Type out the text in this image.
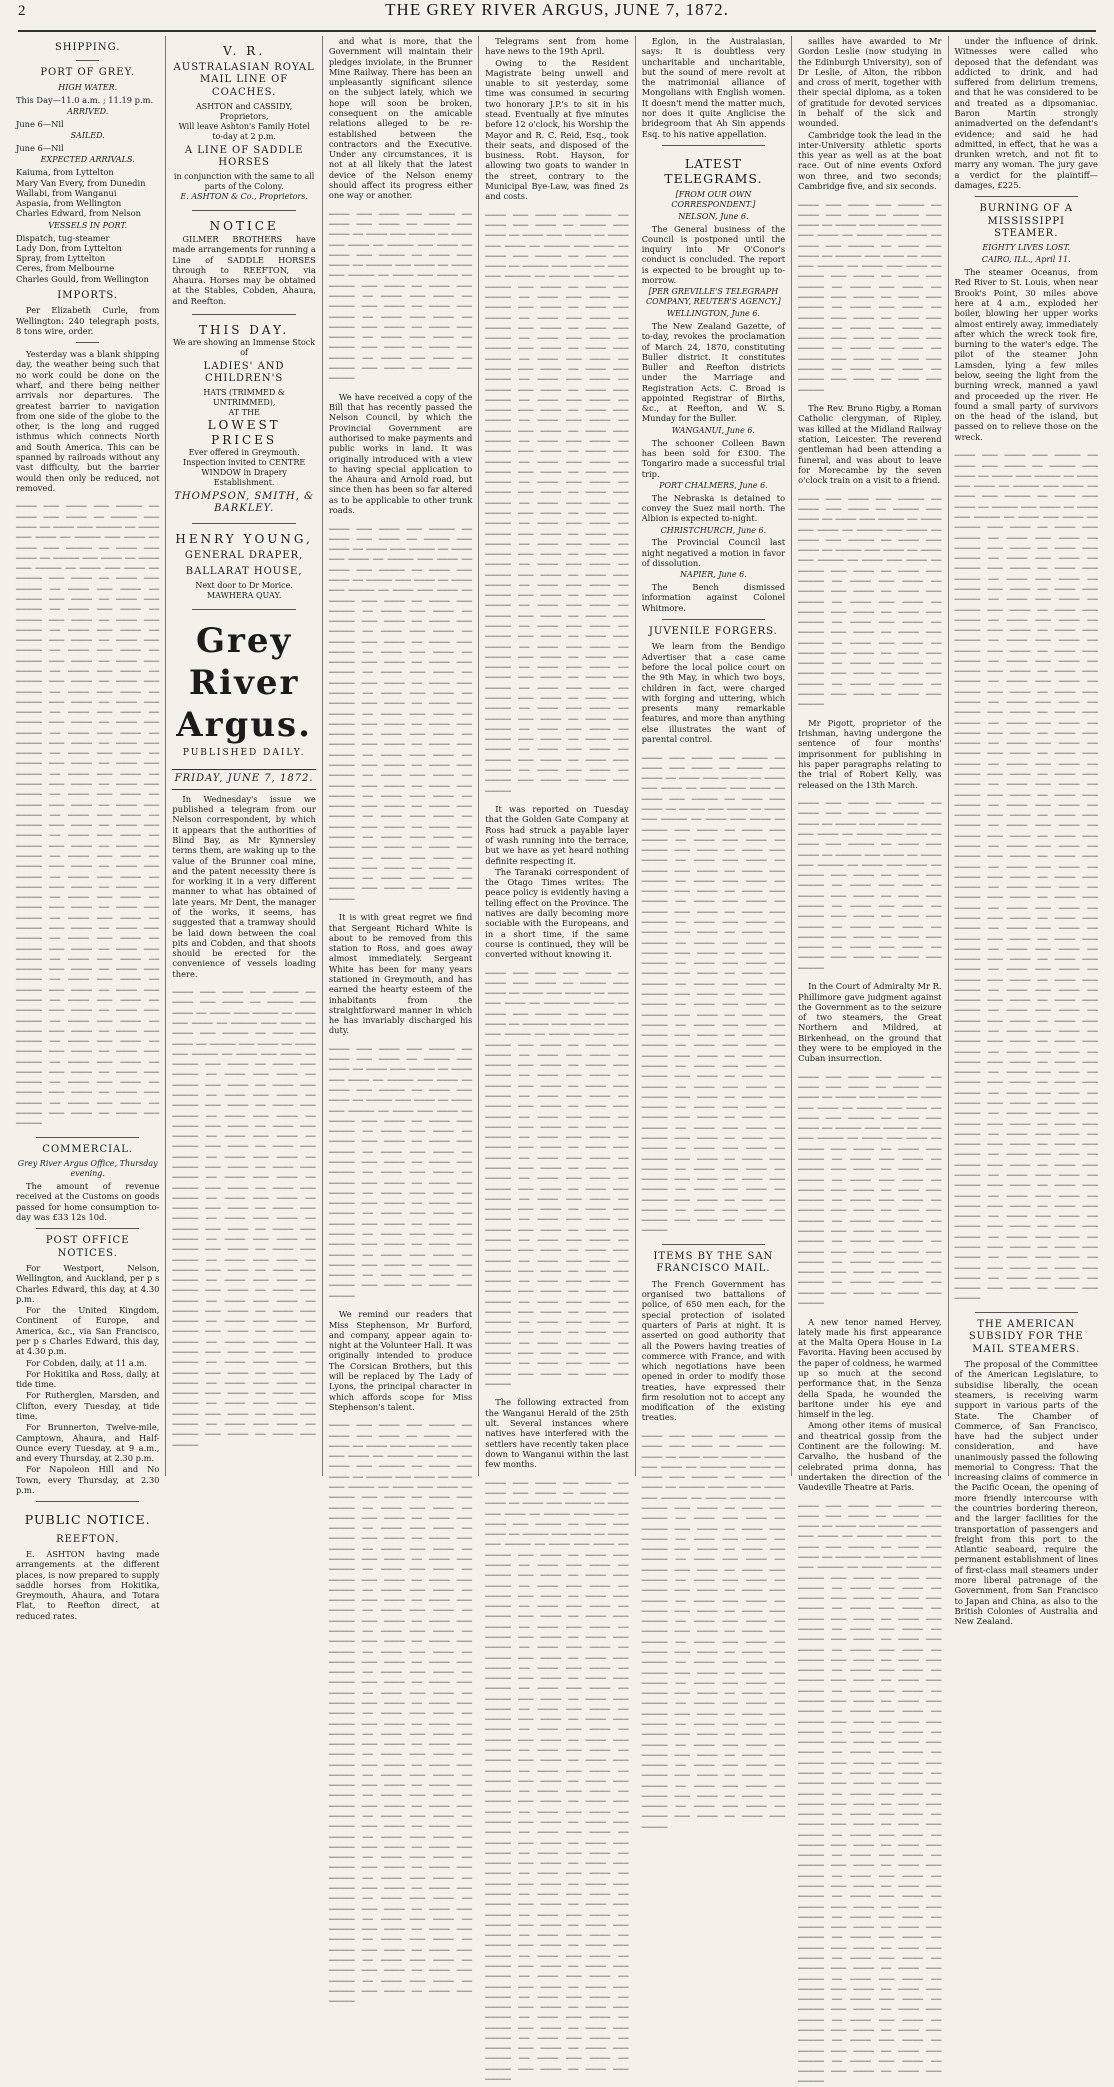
2	THE GREY RIVER ARGUS, JUNE 7, 1872.
SHIPPING.
PORT OF GREY.
HIGH WATER.
This Day—11.0 a.m. ; 11.19 p.m.
ARRIVED.
June 6—Nil
SAILED.
June 6—Nil
EXPECTED ARRIVALS.
Kaiuma, from Lyttelton
Mary Van Every, from Dunedin
Wallabi, from Wanganui
Aspasia, from Wellington
Charles Edward, from Nelson
VESSELS IN PORT.
Dispatch, tug-steamer
Lady Don, from Lyttelton
Spray, from Lyttelton
Ceres, from Melbourne
Charles Gould, from Wellington
IMPORTS.

Per Elizabeth Curle, from Wellington: 240 telegraph posts, 8 tons wire, order.

Yesterday was a blank shipping day, the weather being such that no work could be done on the wharf, and there being neither arrivals nor departures. The greatest barrier to navigation from one side of the globe to the other, is the long and rugged isthmus which connects North and South America. This can be spanned by railroads without any vast difficulty, but the barrier would then only be reduced, not removed.

──── ─── ──── ─── ───── ── ──── ─── ──── ── ───── ─── ──── ── ──── ─── ───── ── ──── ─── ──── ── ───── ─── ──── ── ──── ─── ───── ── ──── ─── ──── ── ───── ─── ──── ── ──── ─── ───── ── ──── ─── ──── ── ───── ─── ──── ── ──── ─── ───── ── ──── ─── ──── ── ───── ─── ──── ── ──── ─── ───── ── ──── ─── ──── ── ───── ─── ──── ── ──── ─── ───── ── ──── ─── ──── ── ───── ─── ──── ── ──── ─── ───── ── ──── ─── ──── ── ───── ─── ──── ── ──── ─── ───── ── ──── ─── ──── ── ───── ─── ──── ── ──── ─── ───── ── ──── ─── ──── ── ───── ─── ──── ── ──── ─── ───── ── ──── ─── ──── ── ───── ─── ──── ── ──── ─── ───── ── ──── ─── ──── ── ───── ─── ──── ── ──── ─── ───── ── ──── ─── ──── ── ───── ─── ──── ── ──── ─── ───── ── ──── ─── ──── ── ───── ─── ──── ── ──── ─── ───── ── ──── ─── ──── ── ───── ─── ──── ── ──── ─── ───── ── ──── ─── ──── ── ───── ─── ──── ── ──── ─── ───── ── ──── ─── ──── ── ───── ─── ──── ── ──── ─── ───── ── ──── ─── ──── ── ───── ─── ──── ── ──── ─── ───── ── ──── ─── ──── ── ───── ─── ──── ── ──── ─── ───── ── ──── ─── ──── ── ───── ─── ──── ── ──── ─── ───── ── ──── ─── ──── ── ───── ─── ──── ── ──── ─── ───── ── ──── ─── ──── ── ───── ─── ──── ── ──── ─── ───── ── ──── ─── ──── ── ───── ─── ──── ── ──── ─── ───── ── ──── ─── ──── ── ───── ─── ──── ── ──── ─── ───── ── ──── ─── ──── ── ───── ─── ──── ── ──── ─── ───── ── ──── ─── ──── ── ───── ─── ──── ── ──── ─── ───── ── ──── ─── ──── ── ───── ─── ──── ── ──── ─── ───── ── ──── ─── ──── ── ───── ─── ──── ── ──── ─── ───── ── ──── ─── ──── ── ───── ─── ──── ── ──── ─── ───── ── ──── ─── ──── ── ───── ─── ──── ── ──── ─── ─────

COMMERCIAL.
Grey River Argus Office, Thursday evening.

The amount of revenue received at the Customs on goods passed for home consumption to-day was £33 12s 10d.

POST OFFICE NOTICES.

For Westport, Nelson, Wellington, and Auckland, per p s Charles Edward, this day, at 4.30 p.m.

For the United Kingdom, Continent of Europe, and America, &c., via San Francisco, per p s Charles Edward, this day, at 4.30 p.m.

For Cobden, daily, at 11 a.m.

For Hokitika and Ross, daily, at tide time.

For Rutherglen, Marsden, and Clifton, every Tuesday, at tide time.

For Brunnerton, Twelve-mile, Camptown, Ahaura, and Half-Ounce every Tuesday, at 9 a.m., and every Thursday, at 2.30 p.m.

For Napoleon Hill and No Town, every Thursday, at 2.30 p.m.

PUBLIC NOTICE.
REEFTON.

E. ASHTON having made arrangements at the different places, is now prepared to supply saddle horses from Hokitika, Greymouth, Ahaura, and Totara Flat, to Reefton direct, at reduced rates.

V. R.
AUSTRALASIAN ROYAL MAIL LINE OF COACHES.
ASHTON and CASSIDY, Proprietors,
Will leave Ashton's Family Hotel to-day at 2 p.m.
A LINE OF SADDLE HORSES
in conjunction with the same to all parts of the Colony.
E. ASHTON & Co., Proprietors.
NOTICE

GILMER BROTHERS have made arrangements for running a Line of SADDLE HORSES through to REEFTON, via Ahaura. Horses may be obtained at the Stables, Cobden, Ahaura, and Reefton.

THIS DAY.
We are showing an Immense Stock of
LADIES' AND CHILDREN'S
HATS (TRIMMED & UNTRIMMED),
AT THE
LOWEST PRICES
Ever offered in Greymouth.
Inspection invited to CENTRE WINDOW in Drapery Establishment.
THOMPSON, SMITH, & BARKLEY.
HENRY YOUNG,
GENERAL DRAPER,
BALLARAT HOUSE,
Next door to Dr Morice.
MAWHERA QUAY.
Grey River Argus.
PUBLISHED DAILY.
FRIDAY, JUNE 7, 1872.

In Wednesday's issue we published a telegram from our Nelson correspondent, by which it appears that the authorities of Blind Bay, as Mr Kynnersley terms them, are waking up to the value of the Brunner coal mine, and the patent necessity there is for working it in a very different manner to what has obtained of late years. Mr Dent, the manager of the works, it seems, has suggested that a tramway should be laid down between the coal pits and Cobden, and that shoots should be erected for the convenience of vessels loading there.

──── ─── ──── ─── ───── ── ──── ─── ──── ── ───── ─── ──── ── ──── ─── ───── ── ──── ─── ──── ── ───── ─── ──── ── ──── ─── ───── ── ──── ─── ──── ── ───── ─── ──── ── ──── ─── ───── ── ──── ─── ──── ── ───── ─── ──── ── ──── ─── ───── ── ──── ─── ──── ── ───── ─── ──── ── ──── ─── ───── ── ──── ─── ──── ── ───── ─── ──── ── ──── ─── ───── ── ──── ─── ──── ── ───── ─── ──── ── ──── ─── ───── ── ──── ─── ──── ── ───── ─── ──── ── ──── ─── ───── ── ──── ─── ──── ── ───── ─── ──── ── ──── ─── ───── ── ──── ─── ──── ── ───── ─── ──── ── ──── ─── ───── ── ──── ─── ──── ── ───── ─── ──── ── ──── ─── ───── ── ──── ─── ──── ── ───── ─── ──── ── ──── ─── ───── ── ──── ─── ──── ── ───── ─── ──── ── ──── ─── ───── ── ──── ─── ──── ── ───── ─── ──── ── ──── ─── ───── ── ──── ─── ──── ── ───── ─── ──── ── ──── ─── ───── ── ──── ─── ──── ── ───── ─── ──── ── ──── ─── ───── ── ──── ─── ──── ── ───── ─── ──── ── ──── ─── ───── ── ──── ─── ──── ── ───── ─── ──── ── ──── ─── ───── ── ──── ─── ──── ── ───── ─── ──── ── ──── ─── ───── ── ──── ─── ──── ── ───── ─── ──── ── ──── ─── ───── ── ──── ─── ──── ── ───── ─── ──── ── ──── ─── ───── ── ──── ─── ──── ── ───── ─── ──── ── ──── ─── ─────

and what is more, that the Government will maintain their pledges inviolate, in the Brunner Mine Railway. There has been an unpleasantly significant silence on the subject lately, which we hope will soon be broken, consequent on the amicable relations alleged to be re-established between the contractors and the Executive. Under any circumstances, it is not at all likely that the latest device of the Nelson enemy should affect its progress either one way or another.

──── ─── ──── ─── ───── ── ──── ─── ──── ── ───── ─── ──── ── ──── ─── ───── ── ──── ─── ──── ── ───── ─── ──── ── ──── ─── ───── ── ──── ─── ──── ── ───── ─── ──── ── ──── ─── ───── ── ──── ─── ──── ── ───── ─── ──── ── ──── ─── ───── ── ──── ─── ──── ── ───── ─── ──── ── ──── ─── ───── ── ──── ─── ──── ── ───── ─── ──── ── ──── ─── ───── ── ──── ─── ──── ── ───── ─── ──── ── ──── ─── ───── ── ──── ─── ──── ── ───── ─── ──── ── ──── ─── ─────

We have received a copy of the Bill that has recently passed the Nelson Council, by which the Provincial Government are authorised to make payments and public works in land. It was originally introduced with a view to having special application to the Ahaura and Arnold road, but since then has been so far altered as to be applicable to other trunk roads.

──── ─── ──── ─── ───── ── ──── ─── ──── ── ───── ─── ──── ── ──── ─── ───── ── ──── ─── ──── ── ───── ─── ──── ── ──── ─── ───── ── ──── ─── ──── ── ───── ─── ──── ── ──── ─── ───── ── ──── ─── ──── ── ───── ─── ──── ── ──── ─── ───── ── ──── ─── ──── ── ───── ─── ──── ── ──── ─── ───── ── ──── ─── ──── ── ───── ─── ──── ── ──── ─── ───── ── ──── ─── ──── ── ───── ─── ──── ── ──── ─── ───── ── ──── ─── ──── ── ───── ─── ──── ── ──── ─── ───── ── ──── ─── ──── ── ───── ─── ──── ── ──── ─── ───── ── ──── ─── ──── ── ───── ─── ──── ── ──── ─── ───── ── ──── ─── ──── ── ───── ─── ──── ── ──── ─── ───── ── ──── ─── ──── ── ───── ─── ──── ── ──── ─── ───── ── ──── ─── ──── ── ───── ─── ──── ── ──── ─── ───── ── ──── ─── ──── ── ───── ─── ──── ── ──── ─── ───── ── ──── ─── ──── ── ───── ─── ──── ── ──── ─── ───── ── ──── ─── ──── ── ───── ─── ──── ── ──── ─── ───── ── ──── ─── ──── ── ───── ─── ──── ── ──── ─── ───── ── ──── ─── ──── ── ───── ─── ──── ── ──── ─── ─────

It is with great regret we find that Sergeant Richard White is about to be removed from this station to Ross, and goes away almost immediately. Sergeant White has been for many years stationed in Greymouth, and has earned the hearty esteem of the inhabitants from the straightforward manner in which he has invariably discharged his duty.

──── ─── ──── ─── ───── ── ──── ─── ──── ── ───── ─── ──── ── ──── ─── ───── ── ──── ─── ──── ── ───── ─── ──── ── ──── ─── ───── ── ──── ─── ──── ── ───── ─── ──── ── ──── ─── ───── ── ──── ─── ──── ── ───── ─── ──── ── ──── ─── ───── ── ──── ─── ──── ── ───── ─── ──── ── ──── ─── ───── ── ──── ─── ──── ── ───── ─── ──── ── ──── ─── ───── ── ──── ─── ──── ── ───── ─── ──── ── ──── ─── ───── ── ──── ─── ──── ── ───── ─── ──── ── ──── ─── ───── ── ──── ─── ──── ── ───── ─── ──── ── ──── ─── ───── ── ──── ─── ──── ── ───── ─── ──── ── ──── ─── ───── ── ──── ─── ──── ── ───── ─── ──── ── ──── ─── ───── ── ──── ─── ──── ── ───── ─── ──── ── ──── ─── ─────

We remind our readers that Miss Stephenson, Mr Burford, and company, appear again to-night at the Volunteer Hall. It was originally intended to produce The Corsican Brothers, but this will be replaced by The Lady of Lyons, the principal character in which affords scope for Miss Stephenson's talent.

──── ─── ──── ─── ───── ── ──── ─── ──── ── ───── ─── ──── ── ──── ─── ───── ── ──── ─── ──── ── ───── ─── ──── ── ──── ─── ───── ── ──── ─── ──── ── ───── ─── ──── ── ──── ─── ───── ── ──── ─── ──── ── ───── ─── ──── ── ──── ─── ───── ── ──── ─── ──── ── ───── ─── ──── ── ──── ─── ───── ── ──── ─── ──── ── ───── ─── ──── ── ──── ─── ───── ── ──── ─── ──── ── ───── ─── ──── ── ──── ─── ───── ── ──── ─── ──── ── ───── ─── ──── ── ──── ─── ───── ── ──── ─── ──── ── ───── ─── ──── ── ──── ─── ───── ── ──── ─── ──── ── ───── ─── ──── ── ──── ─── ───── ── ──── ─── ──── ── ───── ─── ──── ── ──── ─── ───── ── ──── ─── ──── ── ───── ─── ──── ── ──── ─── ───── ── ──── ─── ──── ── ───── ─── ──── ── ──── ─── ───── ── ──── ─── ──── ── ───── ─── ──── ── ──── ─── ───── ── ──── ─── ──── ── ───── ─── ──── ── ──── ─── ───── ── ──── ─── ──── ── ───── ─── ──── ── ──── ─── ───── ── ──── ─── ──── ── ───── ─── ──── ── ──── ─── ───── ── ──── ─── ──── ── ───── ─── ──── ── ──── ─── ───── ── ──── ─── ──── ── ───── ─── ──── ── ──── ─── ───── ── ──── ─── ──── ── ───── ─── ──── ── ──── ─── ───── ── ──── ─── ──── ── ───── ─── ──── ── ──── ─── ───── ── ──── ─── ──── ── ───── ─── ──── ── ──── ─── ───── ── ──── ─── ──── ── ───── ─── ──── ── ──── ─── ───── ── ──── ─── ──── ── ───── ─── ──── ── ──── ─── ───── ── ──── ─── ──── ── ───── ─── ──── ── ──── ─── ───── ── ──── ─── ──── ── ───── ─── ──── ── ──── ─── ───── ── ──── ─── ──── ── ───── ─── ──── ── ──── ─── ───── ── ──── ─── ──── ── ───── ─── ──── ── ──── ─── ─────

Telegrams sent from home have news to the 19th April.

Owing to the Resident Magistrate being unwell and unable to sit yesterday, some time was consumed in securing two honorary J.P.'s to sit in his stead. Eventually at five minutes before 12 o'clock, his Worship the Mayor and R. C. Reid, Esq., took their seats, and disposed of the business. Robt. Hayson, for allowing two goats to wander in the street, contrary to the Municipal Bye-Law, was fined 2s and costs.

──── ─── ──── ─── ───── ── ──── ─── ──── ── ───── ─── ──── ── ──── ─── ───── ── ──── ─── ──── ── ───── ─── ──── ── ──── ─── ───── ── ──── ─── ──── ── ───── ─── ──── ── ──── ─── ───── ── ──── ─── ──── ── ───── ─── ──── ── ──── ─── ───── ── ──── ─── ──── ── ───── ─── ──── ── ──── ─── ───── ── ──── ─── ──── ── ───── ─── ──── ── ──── ─── ───── ── ──── ─── ──── ── ───── ─── ──── ── ──── ─── ───── ── ──── ─── ──── ── ───── ─── ──── ── ──── ─── ───── ── ──── ─── ──── ── ───── ─── ──── ── ──── ─── ───── ── ──── ─── ──── ── ───── ─── ──── ── ──── ─── ───── ── ──── ─── ──── ── ───── ─── ──── ── ──── ─── ───── ── ──── ─── ──── ── ───── ─── ──── ── ──── ─── ───── ── ──── ─── ──── ── ───── ─── ──── ── ──── ─── ───── ── ──── ─── ──── ── ───── ─── ──── ── ──── ─── ───── ── ──── ─── ──── ── ───── ─── ──── ── ──── ─── ───── ── ──── ─── ──── ── ───── ─── ──── ── ──── ─── ───── ── ──── ─── ──── ── ───── ─── ──── ── ──── ─── ───── ── ──── ─── ──── ── ───── ─── ──── ── ──── ─── ───── ── ──── ─── ──── ── ───── ─── ──── ── ──── ─── ───── ── ──── ─── ──── ── ───── ─── ──── ── ──── ─── ───── ── ──── ─── ──── ── ───── ─── ──── ── ──── ─── ───── ── ──── ─── ──── ── ───── ─── ──── ── ──── ─── ───── ── ──── ─── ──── ── ───── ─── ──── ── ──── ─── ───── ── ──── ─── ──── ── ───── ─── ──── ── ──── ─── ───── ── ──── ─── ──── ── ───── ─── ──── ── ──── ─── ───── ── ──── ─── ──── ── ───── ─── ──── ── ──── ─── ───── ── ──── ─── ──── ── ───── ─── ──── ── ──── ─── ───── ── ──── ─── ──── ── ───── ─── ──── ── ──── ─── ─────

It was reported on Tuesday that the Golden Gate Company at Ross had struck a payable layer of wash running into the terrace, but we have as yet heard nothing definite respecting it.

The Taranaki correspondent of the Otago Times writes: The peace policy is evidently having a telling effect on the Province. The natives are daily becoming more sociable with the Europeans, and in a short time, if the same course is continued, they will be converted without knowing it.

──── ─── ──── ─── ───── ── ──── ─── ──── ── ───── ─── ──── ── ──── ─── ───── ── ──── ─── ──── ── ───── ─── ──── ── ──── ─── ───── ── ──── ─── ──── ── ───── ─── ──── ── ──── ─── ───── ── ──── ─── ──── ── ───── ─── ──── ── ──── ─── ───── ── ──── ─── ──── ── ───── ─── ──── ── ──── ─── ───── ── ──── ─── ──── ── ───── ─── ──── ── ──── ─── ───── ── ──── ─── ──── ── ───── ─── ──── ── ──── ─── ───── ── ──── ─── ──── ── ───── ─── ──── ── ──── ─── ───── ── ──── ─── ──── ── ───── ─── ──── ── ──── ─── ───── ── ──── ─── ──── ── ───── ─── ──── ── ──── ─── ───── ── ──── ─── ──── ── ───── ─── ──── ── ──── ─── ───── ── ──── ─── ──── ── ───── ─── ──── ── ──── ─── ───── ── ──── ─── ──── ── ───── ─── ──── ── ──── ─── ───── ── ──── ─── ──── ── ───── ─── ──── ── ──── ─── ───── ── ──── ─── ──── ── ───── ─── ──── ── ──── ─── ───── ── ──── ─── ──── ── ───── ─── ──── ── ──── ─── ───── ── ──── ─── ──── ── ───── ─── ──── ── ──── ─── ───── ── ──── ─── ──── ── ───── ─── ──── ── ──── ─── ───── ── ──── ─── ──── ── ───── ─── ──── ── ──── ─── ───── ── ──── ─── ──── ── ───── ─── ──── ── ──── ─── ─────

The following extracted from the Wanganui Herald of the 25th ult. Several instances where natives have interfered with the settlers have recently taken place down to Wanganui within the last few months.

──── ─── ──── ─── ───── ── ──── ─── ──── ── ───── ─── ──── ── ──── ─── ───── ── ──── ─── ──── ── ───── ─── ──── ── ──── ─── ───── ── ──── ─── ──── ── ───── ─── ──── ── ──── ─── ───── ── ──── ─── ──── ── ───── ─── ──── ── ──── ─── ───── ── ──── ─── ──── ── ───── ─── ──── ── ──── ─── ───── ── ──── ─── ──── ── ───── ─── ──── ── ──── ─── ───── ── ──── ─── ──── ── ───── ─── ──── ── ──── ─── ───── ── ──── ─── ──── ── ───── ─── ──── ── ──── ─── ───── ── ──── ─── ──── ── ───── ─── ──── ── ──── ─── ───── ── ──── ─── ──── ── ───── ─── ──── ── ──── ─── ───── ── ──── ─── ──── ── ───── ─── ──── ── ──── ─── ───── ── ──── ─── ──── ── ───── ─── ──── ── ──── ─── ───── ── ──── ─── ──── ── ───── ─── ──── ── ──── ─── ───── ── ──── ─── ──── ── ───── ─── ──── ── ──── ─── ───── ── ──── ─── ──── ── ───── ─── ──── ── ──── ─── ───── ── ──── ─── ──── ── ───── ─── ──── ── ──── ─── ───── ── ──── ─── ──── ── ───── ─── ──── ── ──── ─── ───── ── ──── ─── ──── ── ───── ─── ──── ── ──── ─── ───── ── ──── ─── ──── ── ───── ─── ──── ── ──── ─── ───── ── ──── ─── ──── ── ───── ─── ──── ── ──── ─── ───── ── ──── ─── ──── ── ───── ─── ──── ── ──── ─── ───── ── ──── ─── ──── ── ───── ─── ──── ── ──── ─── ───── ── ──── ─── ──── ── ───── ─── ──── ── ──── ─── ───── ── ──── ─── ──── ── ───── ─── ──── ── ──── ─── ───── ── ──── ─── ──── ── ───── ─── ──── ── ──── ─── ───── ── ──── ─── ──── ── ───── ─── ──── ── ──── ─── ───── ── ──── ─── ──── ── ───── ─── ──── ── ──── ─── ───── ── ──── ─── ──── ── ───── ─── ──── ── ──── ─── ───── ── ──── ─── ──── ── ───── ─── ──── ── ──── ─── ─────

Eglon, in the Australasian, says: It is doubtless very uncharitable and uncharitable, but the sound of mere revolt at the matrimonial alliance of Mongolians with English women. It doesn't mend the matter much, nor does it quite Anglicise the bridegroom that Ah Sin appends Esq. to his native appellation.

LATEST TELEGRAMS.
[FROM OUR OWN CORRESPONDENT.]
NELSON, June 6.

The General business of the Council is postponed until the inquiry into Mr O'Conor's conduct is concluded. The report is expected to be brought up to-morrow.

[PER GREVILLE'S TELEGRAPH COMPANY, REUTER'S AGENCY.]
WELLINGTON, June 6.

The New Zealand Gazette, of to-day, revokes the proclamation of March 24, 1870, constituting Buller district. It constitutes Buller and Reefton districts under the Marriage and Registration Acts. C. Broad is appointed Registrar of Births, &c., at Reefton, and W. S. Munday for the Buller.

WANGANUI, June 6.

The schooner Colleen Bawn has been sold for £300. The Tongariro made a successful trial trip.

PORT CHALMERS, June 6.

The Nebraska is detained to convey the Suez mail north. The Albion is expected to-night.

CHRISTCHURCH, June 6.

The Provincial Council last night negatived a motion in favor of dissolution.

NAPIER, June 6.

The Bench dismissed information against Colonel Whitmore.

JUVENILE FORGERS.

We learn from the Bendigo Advertiser that a case came before the local police court on the 9th May, in which two boys, children in fact, were charged with forging and uttering, which presents many remarkable features, and more than anything else illustrates the want of parental control.

──── ─── ──── ─── ───── ── ──── ─── ──── ── ───── ─── ──── ── ──── ─── ───── ── ──── ─── ──── ── ───── ─── ──── ── ──── ─── ───── ── ──── ─── ──── ── ───── ─── ──── ── ──── ─── ───── ── ──── ─── ──── ── ───── ─── ──── ── ──── ─── ───── ── ──── ─── ──── ── ───── ─── ──── ── ──── ─── ───── ── ──── ─── ──── ── ───── ─── ──── ── ──── ─── ───── ── ──── ─── ──── ── ───── ─── ──── ── ──── ─── ───── ── ──── ─── ──── ── ───── ─── ──── ── ──── ─── ───── ── ──── ─── ──── ── ───── ─── ──── ── ──── ─── ───── ── ──── ─── ──── ── ───── ─── ──── ── ──── ─── ───── ── ──── ─── ──── ── ───── ─── ──── ── ──── ─── ───── ── ──── ─── ──── ── ───── ─── ──── ── ──── ─── ───── ── ──── ─── ──── ── ───── ─── ──── ── ──── ─── ───── ── ──── ─── ──── ── ───── ─── ──── ── ──── ─── ───── ── ──── ─── ──── ── ───── ─── ──── ── ──── ─── ───── ── ──── ─── ──── ── ───── ─── ──── ── ──── ─── ───── ── ──── ─── ──── ── ───── ─── ──── ── ──── ─── ───── ── ──── ─── ──── ── ───── ─── ──── ── ──── ─── ───── ── ──── ─── ──── ── ───── ─── ──── ── ──── ─── ───── ── ──── ─── ──── ── ───── ─── ──── ── ──── ─── ───── ── ──── ─── ──── ── ───── ─── ──── ── ──── ─── ───── ── ──── ─── ──── ── ───── ─── ──── ── ──── ─── ───── ── ──── ─── ──── ── ───── ─── ──── ── ──── ─── ─────

ITEMS BY THE SAN FRANCISCO MAIL.

The French Government has organised two battalions of police, of 650 men each, for the special protection of isolated quarters of Paris at night. It is asserted on good authority that all the Powers having treaties of commerce with France, and with which negotiations have been opened in order to modify those treaties, have expressed their firm resolution not to accept any modification of the existing treaties.

──── ─── ──── ─── ───── ── ──── ─── ──── ── ───── ─── ──── ── ──── ─── ───── ── ──── ─── ──── ── ───── ─── ──── ── ──── ─── ───── ── ──── ─── ──── ── ───── ─── ──── ── ──── ─── ───── ── ──── ─── ──── ── ───── ─── ──── ── ──── ─── ───── ── ──── ─── ──── ── ───── ─── ──── ── ──── ─── ───── ── ──── ─── ──── ── ───── ─── ──── ── ──── ─── ───── ── ──── ─── ──── ── ───── ─── ──── ── ──── ─── ───── ── ──── ─── ──── ── ───── ─── ──── ── ──── ─── ───── ── ──── ─── ──── ── ───── ─── ──── ── ──── ─── ───── ── ──── ─── ──── ── ───── ─── ──── ── ──── ─── ───── ── ──── ─── ──── ── ───── ─── ──── ── ──── ─── ───── ── ──── ─── ──── ── ───── ─── ──── ── ──── ─── ───── ── ──── ─── ──── ── ───── ─── ──── ── ──── ─── ───── ── ──── ─── ──── ── ───── ─── ──── ── ──── ─── ───── ── ──── ─── ──── ── ───── ─── ──── ── ──── ─── ───── ── ──── ─── ──── ── ───── ─── ──── ── ──── ─── ───── ── ──── ─── ──── ── ───── ─── ──── ── ──── ─── ───── ── ──── ─── ──── ── ───── ─── ──── ── ──── ─── ───── ── ──── ─── ──── ── ───── ─── ──── ── ──── ─── ─────

sailles have awarded to Mr Gordon Leslie (now studying in the Edinburgh University), son of Dr Leslie, of Alton, the ribbon and cross of merit, together with their special diploma, as a token of gratitude for devoted services in behalf of the sick and wounded.

Cambridge took the lead in the inter-University athletic sports this year as well as at the boat race. Out of nine events Oxford won three, and two seconds; Cambridge five, and six seconds.

──── ─── ──── ─── ───── ── ──── ─── ──── ── ───── ─── ──── ── ──── ─── ───── ── ──── ─── ──── ── ───── ─── ──── ── ──── ─── ───── ── ──── ─── ──── ── ───── ─── ──── ── ──── ─── ───── ── ──── ─── ──── ── ───── ─── ──── ── ──── ─── ───── ── ──── ─── ──── ── ───── ─── ──── ── ──── ─── ───── ── ──── ─── ──── ── ───── ─── ──── ── ──── ─── ───── ── ──── ─── ──── ── ───── ─── ──── ── ──── ─── ───── ── ──── ─── ──── ── ───── ─── ──── ── ──── ─── ───── ── ──── ─── ──── ── ───── ─── ──── ── ──── ─── ─────

The Rev. Bruno Rigby, a Roman Catholic clergyman, of Ripley, was killed at the Midland Railway station, Leicester. The reverend gentleman had been attending a funeral, and was about to leave for Morecambe by the seven o'clock train on a visit to a friend.

──── ─── ──── ─── ───── ── ──── ─── ──── ── ───── ─── ──── ── ──── ─── ───── ── ──── ─── ──── ── ───── ─── ──── ── ──── ─── ───── ── ──── ─── ──── ── ───── ─── ──── ── ──── ─── ───── ── ──── ─── ──── ── ───── ─── ──── ── ──── ─── ───── ── ──── ─── ──── ── ───── ─── ──── ── ──── ─── ───── ── ──── ─── ──── ── ───── ─── ──── ── ──── ─── ───── ── ──── ─── ──── ── ───── ─── ──── ── ──── ─── ───── ── ──── ─── ──── ── ───── ─── ──── ── ──── ─── ───── ── ──── ─── ──── ── ───── ─── ──── ── ──── ─── ───── ── ──── ─── ──── ── ───── ─── ──── ── ──── ─── ─────

Mr Pigott, proprietor of the Irishman, having undergone the sentence of four months' imprisonment for publishing in his paper paragraphs relating to the trial of Robert Kelly, was released on the 13th March.

──── ─── ──── ─── ───── ── ──── ─── ──── ── ───── ─── ──── ── ──── ─── ───── ── ──── ─── ──── ── ───── ─── ──── ── ──── ─── ───── ── ──── ─── ──── ── ───── ─── ──── ── ──── ─── ───── ── ──── ─── ──── ── ───── ─── ──── ── ──── ─── ───── ── ──── ─── ──── ── ───── ─── ──── ── ──── ─── ───── ── ──── ─── ──── ── ───── ─── ──── ── ──── ─── ───── ── ──── ─── ──── ── ───── ─── ──── ── ──── ─── ───── ── ──── ─── ──── ── ───── ─── ──── ── ──── ─── ─────

In the Court of Admiralty Mr R. Phillimore gave judgment against the Government as to the seizure of two steamers, the Great Northern and Mildred, at Birkenhead, on the ground that they were to be employed in the Cuban insurrection.

──── ─── ──── ─── ───── ── ──── ─── ──── ── ───── ─── ──── ── ──── ─── ───── ── ──── ─── ──── ── ───── ─── ──── ── ──── ─── ───── ── ──── ─── ──── ── ───── ─── ──── ── ──── ─── ───── ── ──── ─── ──── ── ───── ─── ──── ── ──── ─── ───── ── ──── ─── ──── ── ───── ─── ──── ── ──── ─── ───── ── ──── ─── ──── ── ───── ─── ──── ── ──── ─── ───── ── ──── ─── ──── ── ───── ─── ──── ── ──── ─── ───── ── ──── ─── ──── ── ───── ─── ──── ── ──── ─── ───── ── ──── ─── ──── ── ───── ─── ──── ── ──── ─── ───── ── ──── ─── ──── ── ───── ─── ──── ── ──── ─── ───── ── ──── ─── ──── ── ───── ─── ──── ── ──── ─── ─────

A new tenor named Hervey, lately made his first appearance at the Malta Opera House in La Favorita. Having been accused by the paper of coldness, he warmed up so much at the second performance that, in the Senza della Spada, he wounded the baritone under his eye and himself in the leg.

Among other items of musical and theatrical gossip from the Continent are the following: M. Carvalho, the husband of the celebrated prima donna, has undertaken the direction of the Vaudeville Theatre at Paris.

──── ─── ──── ─── ───── ── ──── ─── ──── ── ───── ─── ──── ── ──── ─── ───── ── ──── ─── ──── ── ───── ─── ──── ── ──── ─── ───── ── ──── ─── ──── ── ───── ─── ──── ── ──── ─── ───── ── ──── ─── ──── ── ───── ─── ──── ── ──── ─── ───── ── ──── ─── ──── ── ───── ─── ──── ── ──── ─── ───── ── ──── ─── ──── ── ───── ─── ──── ── ──── ─── ───── ── ──── ─── ──── ── ───── ─── ──── ── ──── ─── ───── ── ──── ─── ──── ── ───── ─── ──── ── ──── ─── ───── ── ──── ─── ──── ── ───── ─── ──── ── ──── ─── ───── ── ──── ─── ──── ── ───── ─── ──── ── ──── ─── ───── ── ──── ─── ──── ── ───── ─── ──── ── ──── ─── ───── ── ──── ─── ──── ── ───── ─── ──── ── ──── ─── ───── ── ──── ─── ──── ── ───── ─── ──── ── ──── ─── ───── ── ──── ─── ──── ── ───── ─── ──── ── ──── ─── ───── ── ──── ─── ──── ── ───── ─── ──── ── ──── ─── ───── ── ──── ─── ──── ── ───── ─── ──── ── ──── ─── ───── ── ──── ─── ──── ── ───── ─── ──── ── ──── ─── ───── ── ──── ─── ──── ── ───── ─── ──── ── ──── ─── ───── ── ──── ─── ──── ── ───── ─── ──── ── ──── ─── ───── ── ──── ─── ──── ── ───── ─── ──── ── ──── ─── ───── ── ──── ─── ──── ── ───── ─── ──── ── ──── ─── ───── ── ──── ─── ──── ── ───── ─── ──── ── ──── ─── ───── ── ──── ─── ──── ── ───── ─── ──── ── ──── ─── ───── ── ──── ─── ──── ── ───── ─── ──── ── ──── ─── ───── ── ──── ─── ──── ── ───── ─── ──── ── ──── ─── ───── ── ──── ─── ──── ── ───── ─── ──── ── ──── ─── ───── ── ──── ─── ──── ── ───── ─── ──── ── ──── ─── ───── ── ──── ─── ──── ── ───── ─── ──── ── ──── ─── ─────

under the influence of drink. Witnesses were called who deposed that the defendant was addicted to drink, and had suffered from delirium tremens, and that he was considered to be and treated as a dipsomaniac. Baron Martin strongly animadverted on the defendant's evidence; and said he had admitted, in effect, that he was a drunken wretch, and not fit to marry any woman. The jury gave a verdict for the plaintiff—damages, £225.

BURNING OF A MISSISSIPPI STEAMER.
EIGHTY LIVES LOST.
CAIRO, ILL., April 11.

The steamer Oceanus, from Red River to St. Louis, when near Brook's Point, 30 miles above here at 4 a.m., exploded her boiler, blowing her upper works almost entirely away, immediately after which the wreck took fire, burning to the water's edge. The pilot of the steamer John Lamsden, lying a few miles below, seeing the light from the burning wreck, manned a yawl and proceeded up the river. He found a small party of survivors on the head of the island, but passed on to relieve those on the wreck.

──── ─── ──── ─── ───── ── ──── ─── ──── ── ───── ─── ──── ── ──── ─── ───── ── ──── ─── ──── ── ───── ─── ──── ── ──── ─── ───── ── ──── ─── ──── ── ───── ─── ──── ── ──── ─── ───── ── ──── ─── ──── ── ───── ─── ──── ── ──── ─── ───── ── ──── ─── ──── ── ───── ─── ──── ── ──── ─── ───── ── ──── ─── ──── ── ───── ─── ──── ── ──── ─── ───── ── ──── ─── ──── ── ───── ─── ──── ── ──── ─── ───── ── ──── ─── ──── ── ───── ─── ──── ── ──── ─── ───── ── ──── ─── ──── ── ───── ─── ──── ── ──── ─── ───── ── ──── ─── ──── ── ───── ─── ──── ── ──── ─── ───── ── ──── ─── ──── ── ───── ─── ──── ── ──── ─── ───── ── ──── ─── ──── ── ───── ─── ──── ── ──── ─── ───── ── ──── ─── ──── ── ───── ─── ──── ── ──── ─── ───── ── ──── ─── ──── ── ───── ─── ──── ── ──── ─── ───── ── ──── ─── ──── ── ───── ─── ──── ── ──── ─── ───── ── ──── ─── ──── ── ───── ─── ──── ── ──── ─── ───── ── ──── ─── ──── ── ───── ─── ──── ── ──── ─── ───── ── ──── ─── ──── ── ───── ─── ──── ── ──── ─── ───── ── ──── ─── ──── ── ───── ─── ──── ── ──── ─── ───── ── ──── ─── ──── ── ───── ─── ──── ── ──── ─── ───── ── ──── ─── ──── ── ───── ─── ──── ── ──── ─── ───── ── ──── ─── ──── ── ───── ─── ──── ── ──── ─── ───── ── ──── ─── ──── ── ───── ─── ──── ── ──── ─── ───── ── ──── ─── ──── ── ───── ─── ──── ── ──── ─── ───── ── ──── ─── ──── ── ───── ─── ──── ── ──── ─── ───── ── ──── ─── ──── ── ───── ─── ──── ── ──── ─── ───── ── ──── ─── ──── ── ───── ─── ──── ── ──── ─── ───── ── ──── ─── ──── ── ───── ─── ──── ── ──── ─── ───── ── ──── ─── ──── ── ───── ─── ──── ── ──── ─── ───── ── ──── ─── ──── ── ───── ─── ──── ── ──── ─── ───── ── ──── ─── ──── ── ───── ─── ──── ── ──── ─── ───── ── ──── ─── ──── ── ───── ─── ──── ── ──── ─── ───── ── ──── ─── ──── ── ───── ─── ──── ── ──── ─── ───── ── ──── ─── ──── ── ───── ─── ──── ── ──── ─── ───── ── ──── ─── ──── ── ───── ─── ──── ── ──── ─── ───── ── ──── ─── ──── ── ───── ─── ──── ── ──── ─── ───── ── ──── ─── ──── ── ───── ─── ──── ── ──── ─── ───── ── ──── ─── ──── ── ───── ─── ──── ── ──── ─── ───── ── ──── ─── ──── ── ───── ─── ──── ── ──── ─── ───── ── ──── ─── ──── ── ───── ─── ──── ── ──── ─── ───── ── ──── ─── ──── ── ───── ─── ──── ── ──── ─── ─────

THE AMERICAN SUBSIDY FOR THE MAIL STEAMERS.

The proposal of the Committee of the American Legislature, to subsidise liberally, the ocean steamers, is receiving warm support in various parts of the State. The Chamber of Commerce, of San Francisco, have had the subject under consideration, and have unanimously passed the following memorial to Congress: That the increasing claims of commerce in the Pacific Ocean, the opening of more friendly intercourse with the countries bordering thereon, and the larger facilities for the transportation of passengers and freight from this port to the Atlantic seaboard, require the permanent establishment of lines of first-class mail steamers under more liberal patronage of the Government, from San Francisco to Japan and China, as also to the British Colonies of Australia and New Zealand.
